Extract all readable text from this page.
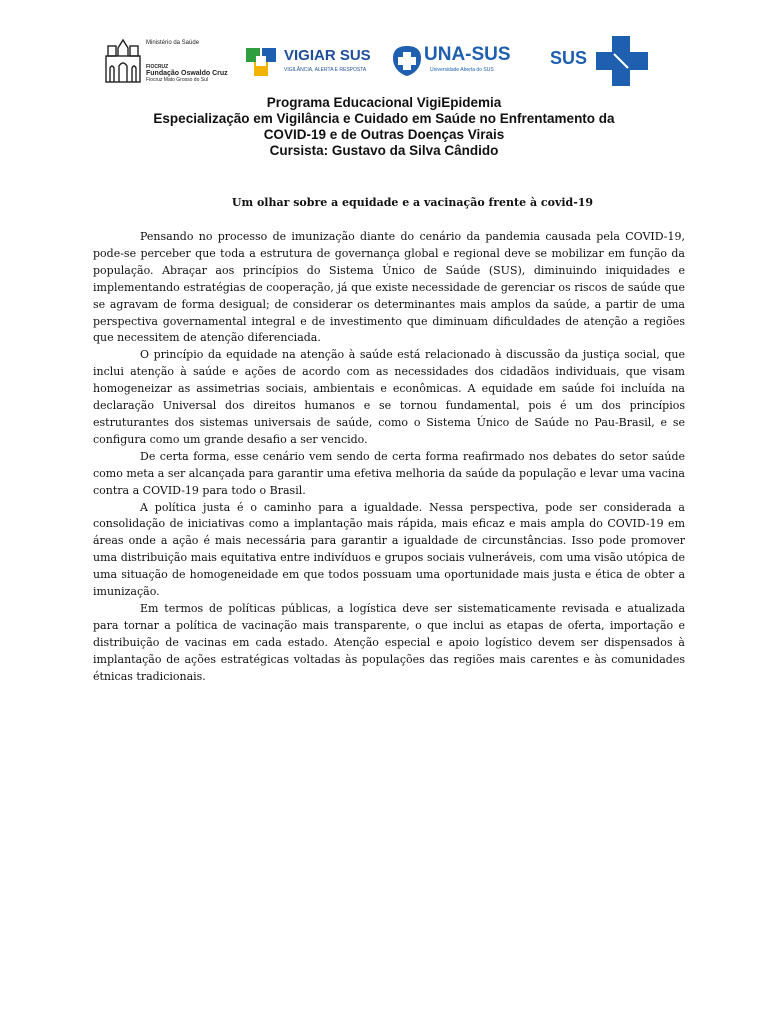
Ministério da Saúde
FIOCRUZ
Fundação Oswaldo Cruz
Fiocruz Mato Grosso do Sul
VIGIAR SUS
VIGILÂNCIA, ALERTA E RESPOSTA
UNA-SUS
Universidade Aberta do SUS
SUS
Programa Educacional VigiEpidemia
Especialização em Vigilância e Cuidado em Saúde no Enfrentamento da
COVID-19 e de Outras Doenças Virais
Cursista: Gustavo da Silva Cândido
Um olhar sobre a equidade e a vacinação frente à covid-19

Pensando no processo de imunização diante do cenário da pandemia causada pela COVID-19, pode-se perceber que toda a estrutura de governança global e regional deve se mobilizar em função da população. Abraçar aos princípios do Sistema Único de Saúde (SUS), diminuindo iniquidades e implementando estratégias de cooperação, já que existe necessidade de gerenciar os riscos de saúde que se agravam de forma desigual; de considerar os determinantes mais amplos da saúde, a partir de uma perspectiva governamental integral e de investimento que diminuam dificuldades de atenção a regiões que necessitem de atenção diferenciada.

O princípio da equidade na atenção à saúde está relacionado à discussão da justiça social, que inclui atenção à saúde e ações de acordo com as necessidades dos cidadãos individuais, que visam homogeneizar as assimetrias sociais, ambientais e econômicas. A equidade em saúde foi incluída na declaração Universal dos direitos humanos e se tornou fundamental, pois é um dos princípios estruturantes dos sistemas universais de saúde, como o Sistema Único de Saúde no Pau-Brasil, e se configura como um grande desafio a ser vencido.

De certa forma, esse cenário vem sendo de certa forma reafirmado nos debates do setor saúde como meta a ser alcançada para garantir uma efetiva melhoria da saúde da população e levar uma vacina contra a COVID-19 para todo o Brasil.

A política justa é o caminho para a igualdade. Nessa perspectiva, pode ser considerada a consolidação de iniciativas como a implantação mais rápida, mais eficaz e mais ampla do COVID-19 em áreas onde a ação é mais necessária para garantir a igualdade de circunstâncias. Isso pode promover uma distribuição mais equitativa entre indivíduos e grupos sociais vulneráveis, com uma visão utópica de uma situação de homogeneidade em que todos possuam uma oportunidade mais justa e ética de obter a imunização.

Em termos de políticas públicas, a logística deve ser sistematicamente revisada e atualizada para tornar a política de vacinação mais transparente, o que inclui as etapas de oferta, importação e distribuição de vacinas em cada estado. Atenção especial e apoio logístico devem ser dispensados à implantação de ações estratégicas voltadas às populações das regiões mais carentes e às comunidades étnicas tradicionais.
